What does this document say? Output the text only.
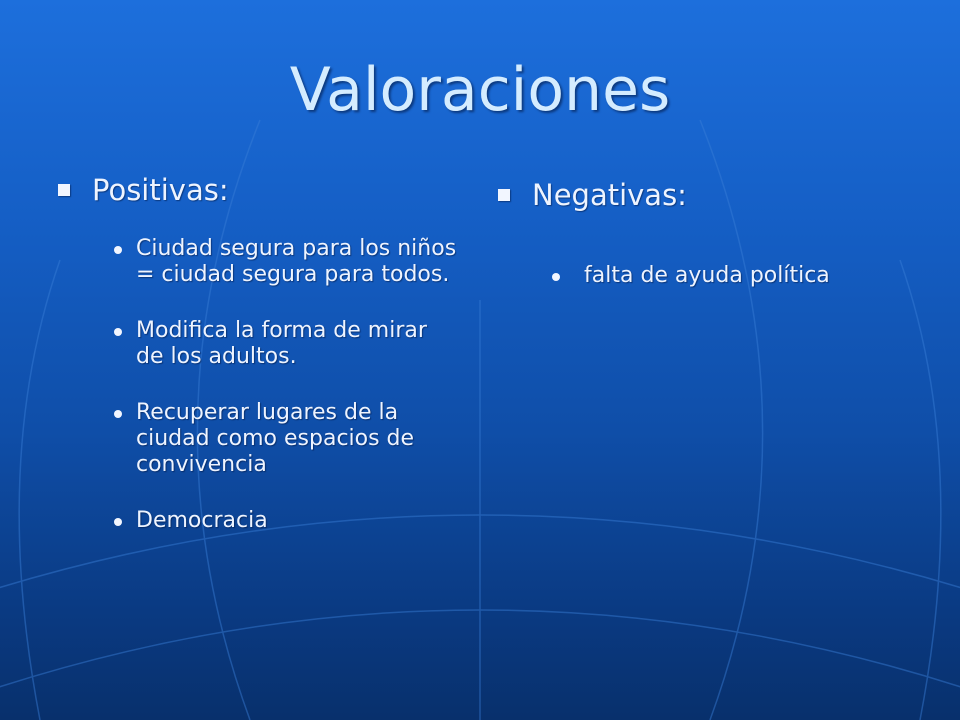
Valoraciones
Positivas:
Ciudad segura para los niños = ciudad segura para todos.
Modifica la forma de mirar de los adultos.
Recuperar lugares de la ciudad como espacios de convivencia
Democracia
Negativas:
falta de ayuda política
